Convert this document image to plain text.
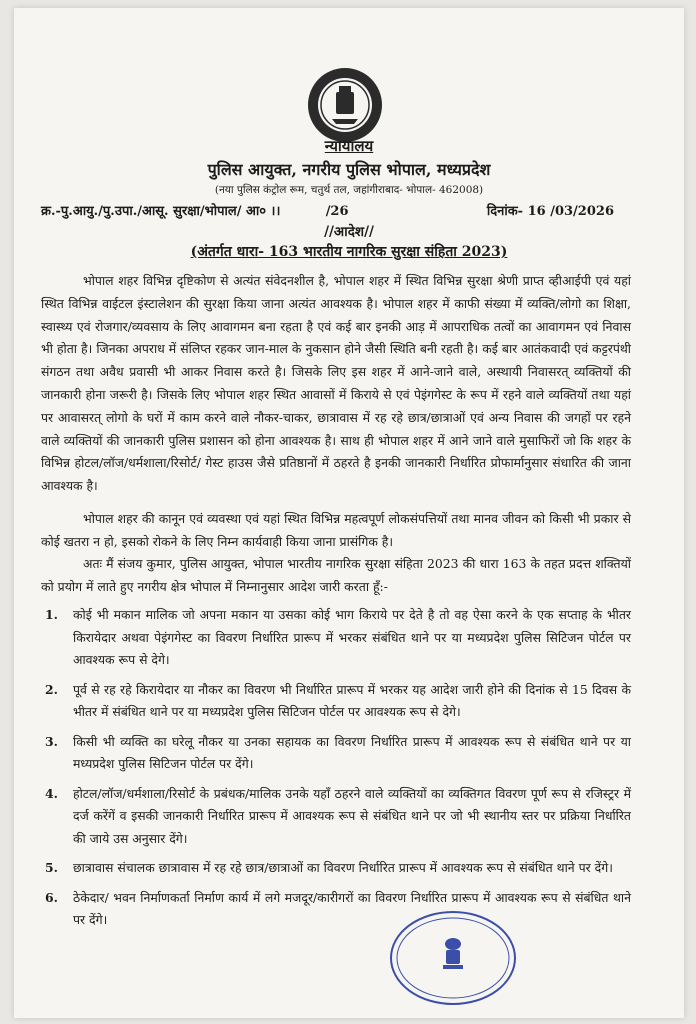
न्यायालय
पुलिस आयुक्त, नगरीय पुलिस भोपाल, मध्यप्रदेश
(नया पुलिस कंट्रोल रूम, चतुर्थ तल, जहांगीराबाद- भोपाल- 462008)
क्र.-पु.आयु./पु.उपा./आसू. सुरक्षा/भोपाल/ आ० ।।	/26	दिनांक- 16 /03/2026
//आदेश//
(अंतर्गत धारा- 163 भारतीय नागरिक सुरक्षा संहिता 2023)
भोपाल शहर विभिन्न दृष्टिकोण से अत्यंत संवेदनशील है, भोपाल शहर में स्थित विभिन्न सुरक्षा श्रेणी प्राप्त व्हीआईपी एवं यहां स्थित विभिन्न वाईटल इंस्टालेशन की सुरक्षा किया जाना अत्यंत आवश्यक है। भोपाल शहर में काफी संख्या में व्यक्ति/लोगो का शिक्षा, स्वास्थ्य एवं रोजगार/व्यवसाय के लिए आवागमन बना रहता है एवं कई बार इनकी आड़ में आपराधिक तत्वों का आवागमन एवं निवास भी होता है। जिनका अपराध में संलिप्त रहकर जान-माल के नुकसान होने जैसी स्थिति बनी रहती है। कई बार आतंकवादी एवं कट्टरपंथी संगठन तथा अवैध प्रवासी भी आकर निवास करते है। जिसके लिए इस शहर में आने-जाने वाले, अस्थायी निवासरत् व्यक्तियों की जानकारी होना जरूरी है। जिसके लिए भोपाल शहर स्थित आवासों में किराये से एवं पेइंगगेस्ट के रूप में रहने वाले व्यक्तियों तथा यहां पर आवासरत् लोगो के घरों में काम करने वाले नौकर-चाकर, छात्रावास में रह रहे छात्र/छात्राओं एवं अन्य निवास की जगहों पर रहने वाले व्यक्तियों की जानकारी पुलिस प्रशासन को होना आवश्यक है। साथ ही भोपाल शहर में आने जाने वाले मुसाफिरों जो कि शहर के विभिन्न होटल/लॉज/धर्मशाला/रिसोर्ट/ गेस्ट हाउस जैसे प्रतिष्ठानों में ठहरते है इनकी जानकारी निर्धारित प्रोफार्मानुसार संधारित की जाना आवश्यक है।
भोपाल शहर की कानून एवं व्यवस्था एवं यहां स्थित विभिन्न महत्वपूर्ण लोकसंपत्तियों तथा मानव जीवन को किसी भी प्रकार से कोई खतरा न हो, इसको रोकने के लिए निम्न कार्यवाही किया जाना प्रासंगिक है।
अतः मैं संजय कुमार, पुलिस आयुक्त, भोपाल भारतीय नागरिक सुरक्षा संहिता 2023 की धारा 163 के तहत प्रदत्त शक्तियों को प्रयोग में लाते हुए नगरीय क्षेत्र भोपाल में निम्नानुसार आदेश जारी करता हूँ:-
1. कोई भी मकान मालिक जो अपना मकान या उसका कोई भाग किराये पर देते है तो वह ऐसा करने के एक सप्ताह के भीतर किरायेदार अथवा पेइंगगेस्ट का विवरण निर्धारित प्रारूप में भरकर संबंधित थाने पर या मध्यप्रदेश पुलिस सिटिजन पोर्टल पर आवश्यक रूप से देगे।
2. पूर्व से रह रहे किरायेदार या नौकर का विवरण भी निर्धारित प्रारूप में भरकर यह आदेश जारी होने की दिनांक से 15 दिवस के भीतर में संबंधित थाने पर या मध्यप्रदेश पुलिस सिटिजन पोर्टल पर आवश्यक रूप से देगे।
3. किसी भी व्यक्ति का घरेलू नौकर या उनका सहायक का विवरण निर्धारित प्रारूप में आवश्यक रूप से संबंधित थाने पर या मध्यप्रदेश पुलिस सिटिजन पोर्टल पर देंगे।
4. होटल/लॉज/धर्मशाला/रिसोर्ट के प्रबंधक/मालिक उनके यहाँ ठहरने वाले व्यक्तियों का व्यक्तिगत विवरण पूर्ण रूप से रजिस्ट्रर में दर्ज करेंगें व इसकी जानकारी निर्धारित प्रारूप में आवश्यक रूप से संबंधित थाने पर जो भी स्थानीय स्तर पर प्रक्रिया निर्धारित की जाये उस अनुसार देंगे।
5. छात्रावास संचालक छात्रावास में रह रहे छात्र/छात्राओं का विवरण निर्धारित प्रारूप में आवश्यक रूप से संबंधित थाने पर देंगे।
6. ठेकेदार/ भवन निर्माणकर्ता निर्माण कार्य में लगे मजदूर/कारीगरों का विवरण निर्धारित प्रारूप में आवश्यक रूप से संबंधित थाने पर देंगे।
